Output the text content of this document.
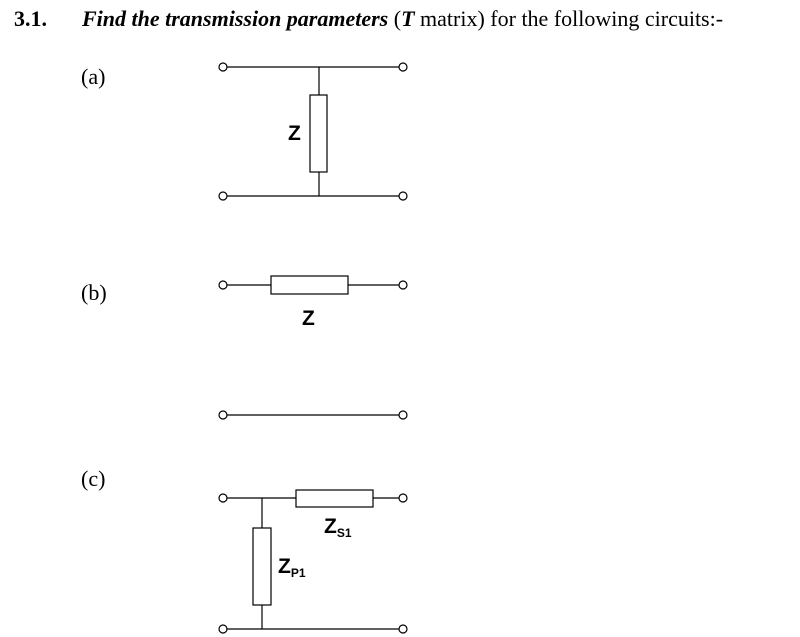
3.1. Find the transmission parameters (T matrix) for the following circuits:-
(a)
(b)
(c)
Z
Z
ZS1
ZP1
